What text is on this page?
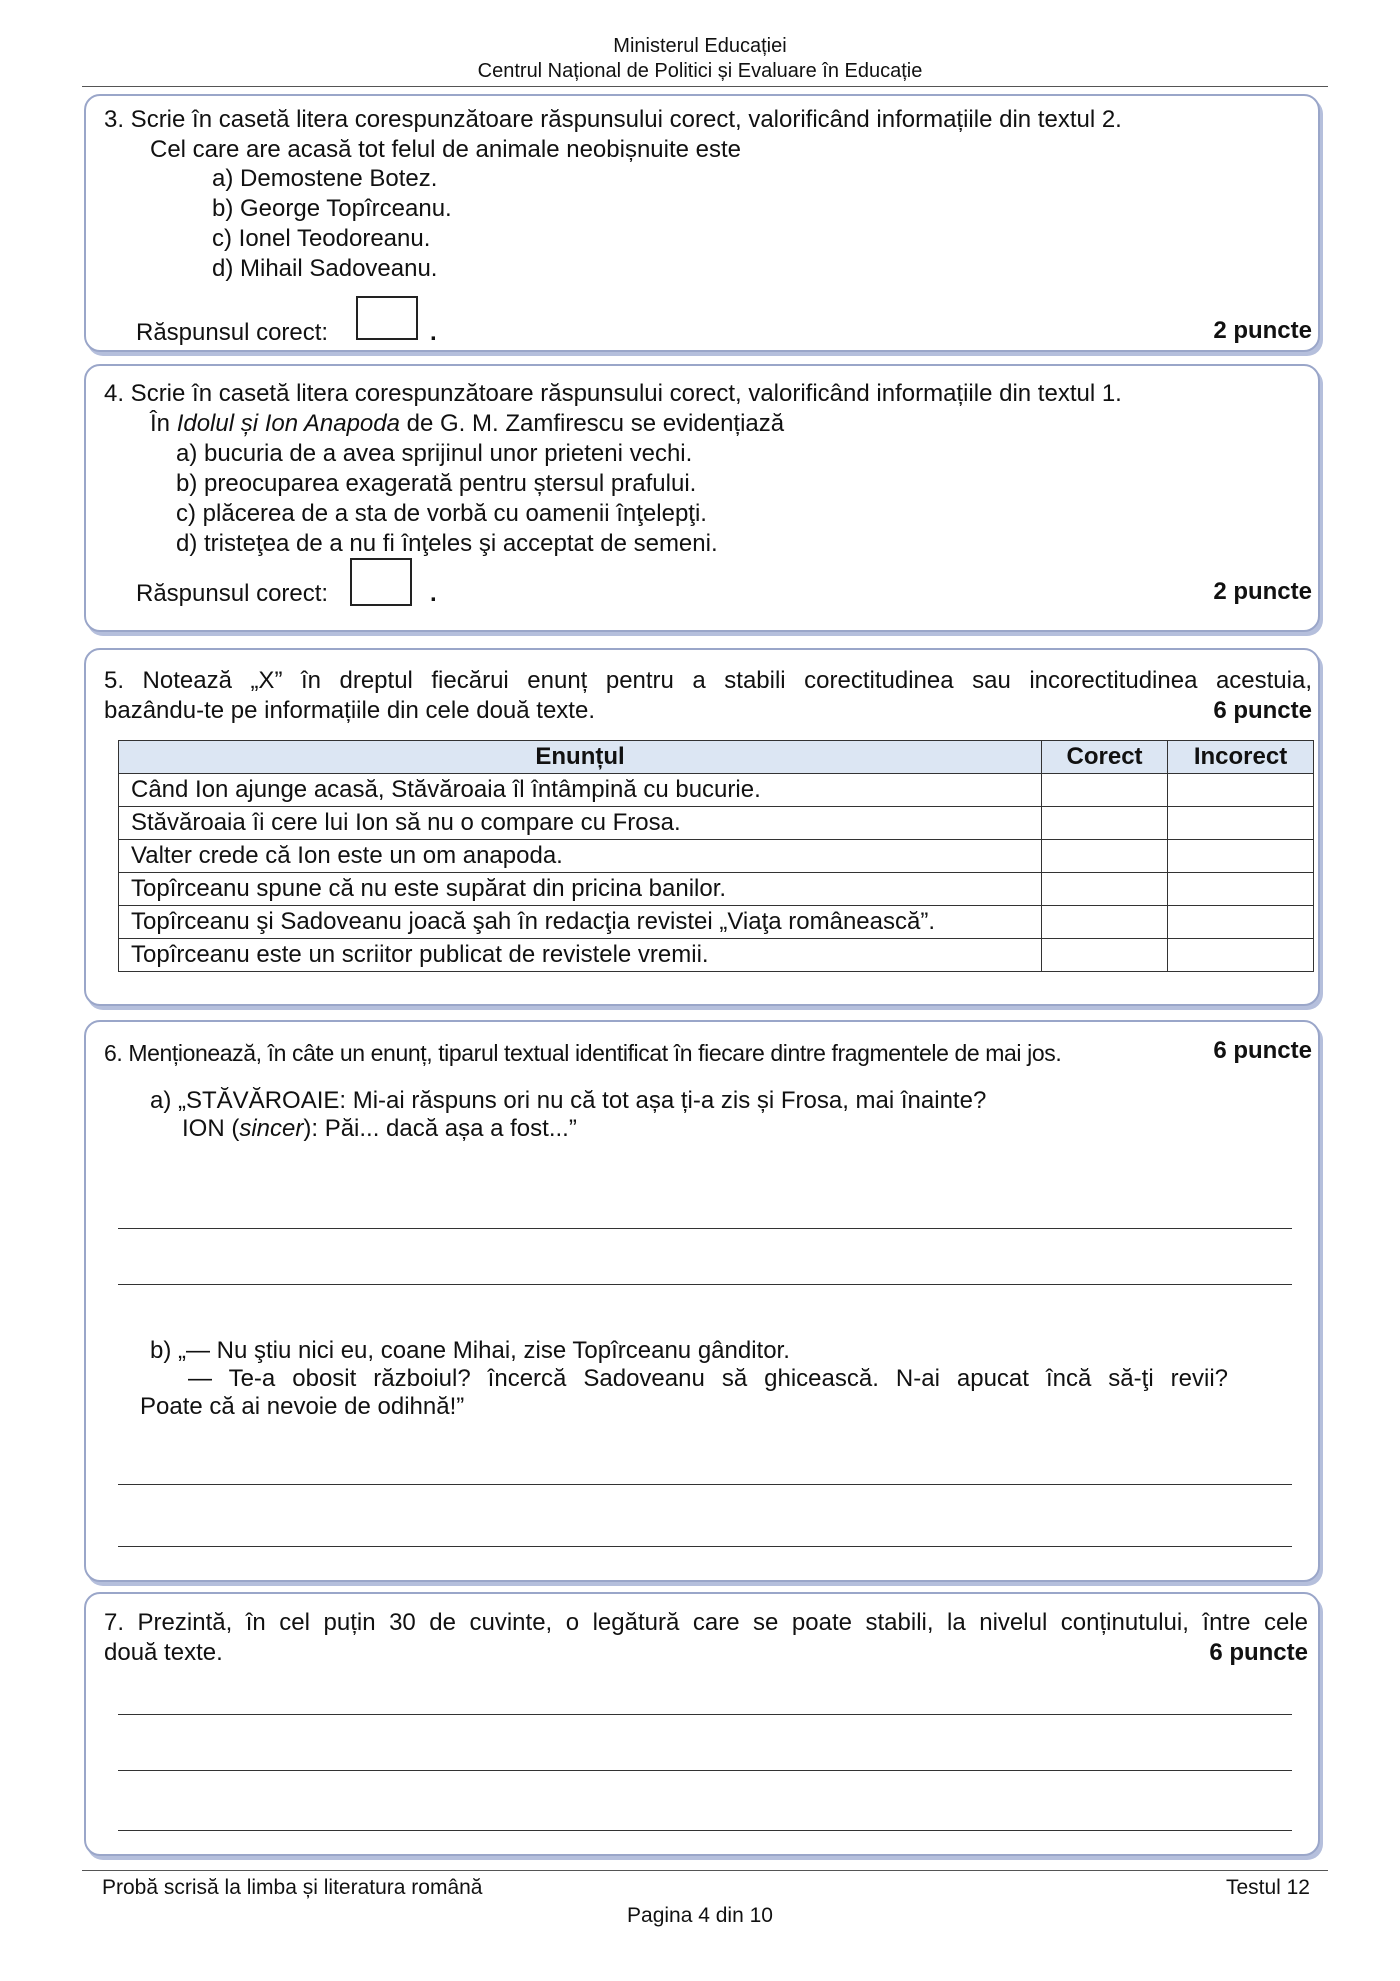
Ministerul Educației
Centrul Național de Politici și Evaluare în Educație
3. Scrie în casetă litera corespunzătoare răspunsului corect, valorificând informațiile din textul 2.
Cel care are acasă tot felul de animale neobișnuite este
a) Demostene Botez.
b) George Topîrceanu.
c) Ionel Teodoreanu.
d) Mihail Sadoveanu.
Răspunsul corect:	.	2 puncte
4. Scrie în casetă litera corespunzătoare răspunsului corect, valorificând informațiile din textul 1.
În Idolul și Ion Anapoda de G. M. Zamfirescu se evidențiază
a) bucuria de a avea sprijinul unor prieteni vechi.
b) preocuparea exagerată pentru ștersul prafului.
c) plăcerea de a sta de vorbă cu oamenii înţelepţi.
d) tristeţea de a nu fi înţeles şi acceptat de semeni.
Răspunsul corect:	.	2 puncte
5. Notează „X” în dreptul fiecărui enunț pentru a stabili corectitudinea sau incorectitudinea acestuia,
bazându-te pe informațiile din cele două texte.	6 puncte
Enunțul	Corect	Incorect
Când Ion ajunge acasă, Stăvăroaia îl întâmpină cu bucurie.		
Stăvăroaia îi cere lui Ion să nu o compare cu Frosa.		
Valter crede că Ion este un om anapoda.		
Topîrceanu spune că nu este supărat din pricina banilor.		
Topîrceanu şi Sadoveanu joacă şah în redacţia revistei „Viaţa românească”.		
Topîrceanu este un scriitor publicat de revistele vremii.		
6. Menționează, în câte un enunț, tiparul textual identificat în fiecare dintre fragmentele de mai jos.	6 puncte
a) „STĂVĂROAIE: Mi-ai răspuns ori nu că tot așa ți-a zis și Frosa, mai înainte?
ION (sincer): Păi... dacă așa a fost...”
b) „— Nu ştiu nici eu, coane Mihai, zise Topîrceanu gânditor.
— Te-a obosit războiul? încercă Sadoveanu să ghicească. N-ai apucat încă să-ţi revii?
Poate că ai nevoie de odihnă!”
7. Prezintă, în cel puțin 30 de cuvinte, o legătură care se poate stabili, la nivelul conținutului, între cele
două texte.	6 puncte
Probă scrisă la limba și literatura română	Testul 12
Pagina 4 din 10
